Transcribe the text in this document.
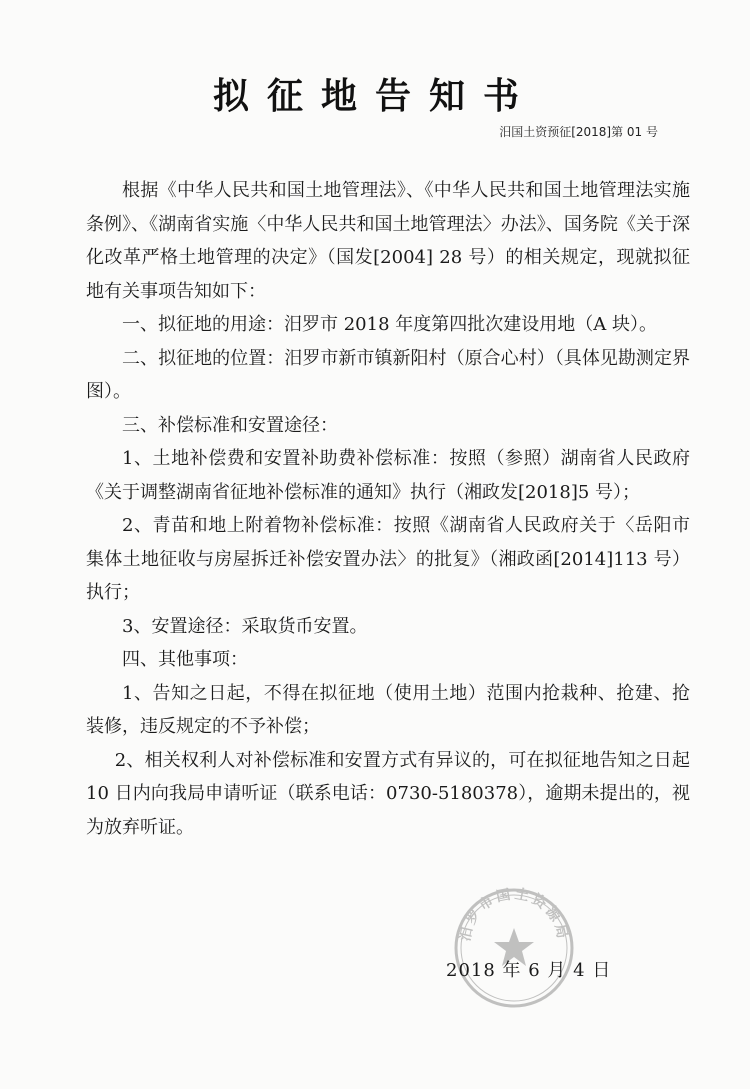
拟征地告知书
汨国土资预征[2018]第 01 号

根据《中华人民共和国土地管理法》、《中华人民共和国土地管理法实施条例》、《湖南省实施〈中华人民共和国土地管理法〉办法》、国务院《关于深化改革严格土地管理的决定》（国发[2004] 28 号）的相关规定，现就拟征地有关事项告知如下：

一、拟征地的用途：汨罗市 2018 年度第四批次建设用地（A 块）。

二、拟征地的位置：汨罗市新市镇新阳村（原合心村）（具体见勘测定界图）。

三、补偿标准和安置途径：

1、土地补偿费和安置补助费补偿标准：按照（参照）湖南省人民政府《关于调整湖南省征地补偿标准的通知》执行（湘政发[2018]5 号）；

2、青苗和地上附着物补偿标准：按照《湖南省人民政府关于〈岳阳市集体土地征收与房屋拆迁补偿安置办法〉的批复》（湘政函[2014]113 号）执行；

3、安置途径：采取货币安置。

四、其他事项：

1、告知之日起，不得在拟征地（使用土地）范围内抢栽种、抢建、抢装修，违反规定的不予补偿；

2、相关权利人对补偿标准和安置方式有异议的，可在拟征地告知之日起 10 日内向我局申请听证（联系电话：0730-5180378），逾期未提出的，视为放弃听证。

汨罗市国土资源局
2018 年 6 月 4 日
